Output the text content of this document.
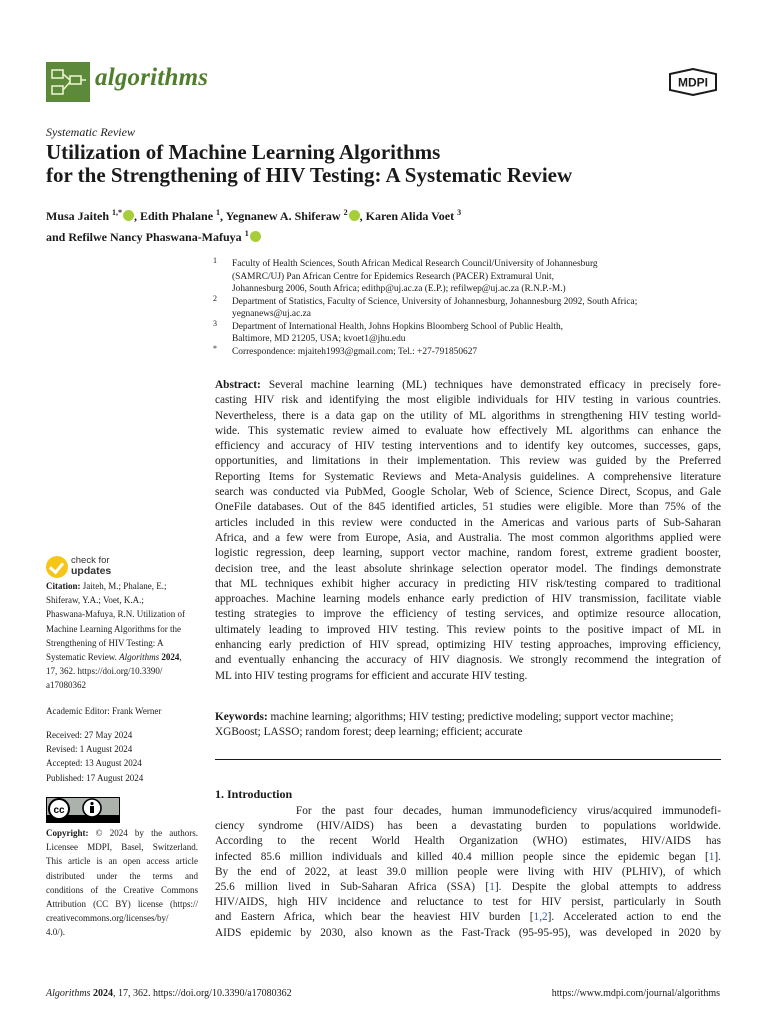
algorithms	MDPI
Systematic Review
Utilization of Machine Learning Algorithms
for the Strengthening of HIV Testing: A Systematic Review
Musa Jaiteh $^{1,*}$ , Edith Phalane $^1$, Yegnanew A. Shiferaw $^2$ , Karen Alida Voet $^3$
and Refilwe Nancy Phaswana-Mafuya $^1$
1 Faculty of Health Sciences, South African Medical Research Council/University of Johannesburg
(SAMRC/UJ) Pan African Centre for Epidemics Research (PACER) Extramural Unit,
Johannesburg 2006, South Africa; edithp@uj.ac.za (E.P.); refilwep@uj.ac.za (R.N.P.-M.)
2 Department of Statistics, Faculty of Science, University of Johannesburg, Johannesburg 2092, South Africa;
yegnanews@uj.ac.za
3 Department of International Health, Johns Hopkins Bloomberg School of Public Health,
Baltimore, MD 21205, USA; kvoet1@jhu.edu
* Correspondence: mjaiteh1993@gmail.com; Tel.: +27-791850627
Abstract: Several machine learning (ML) techniques have demonstrated efficacy in precisely fore-
casting HIV risk and identifying the most eligible individuals for HIV testing in various countries.
Nevertheless, there is a data gap on the utility of ML algorithms in strengthening HIV testing world-
wide. This systematic review aimed to evaluate how effectively ML algorithms can enhance the
efficiency and accuracy of HIV testing interventions and to identify key outcomes, successes, gaps,
opportunities, and limitations in their implementation. This review was guided by the Preferred
Reporting Items for Systematic Reviews and Meta-Analysis guidelines. A comprehensive literature
search was conducted via PubMed, Google Scholar, Web of Science, Science Direct, Scopus, and Gale
OneFile databases. Out of the 845 identified articles, 51 studies were eligible. More than 75% of the
articles included in this review were conducted in the Americas and various parts of Sub-Saharan
Africa, and a few were from Europe, Asia, and Australia. The most common algorithms applied were
logistic regression, deep learning, support vector machine, random forest, extreme gradient booster,
decision tree, and the least absolute shrinkage selection operator model. The findings demonstrate
that ML techniques exhibit higher accuracy in predicting HIV risk/testing compared to traditional
approaches. Machine learning models enhance early prediction of HIV transmission, facilitate viable
testing strategies to improve the efficiency of testing services, and optimize resource allocation,
ultimately leading to improved HIV testing. This review points to the positive impact of ML in
enhancing early prediction of HIV spread, optimizing HIV testing approaches, improving efficiency,
and eventually enhancing the accuracy of HIV diagnosis. We strongly recommend the integration of
ML into HIV testing programs for efficient and accurate HIV testing.
Keywords: machine learning; algorithms; HIV testing; predictive modeling; support vector machine;
XGBoost; LASSO; random forest; deep learning; efficient; accurate
1. Introduction
For the past four decades, human immunodeficiency virus/acquired immunodefi-
ciency syndrome (HIV/AIDS) has been a devastating burden to populations worldwide.
According to the recent World Health Organization (WHO) estimates, HIV/AIDS has
infected 85.6 million individuals and killed 40.4 million people since the epidemic began [1].
By the end of 2022, at least 39.0 million people were living with HIV (PLHIV), of which
25.6 million lived in Sub-Saharan Africa (SSA) [1]. Despite the global attempts to address
HIV/AIDS, high HIV incidence and reluctance to test for HIV persist, particularly in South
and Eastern Africa, which bear the heaviest HIV burden [1,2]. Accelerated action to end the
AIDS epidemic by 2030, also known as the Fast-Track (95-95-95), was developed in 2020 by
check for
updates
Citation: Jaiteh, M.; Phalane, E.;
Shiferaw, Y.A.; Voet, K.A.;
Phaswana-Mafuya, R.N. Utilization of
Machine Learning Algorithms for the
Strengthening of HIV Testing: A
Systematic Review. Algorithms 2024,
17, 362. https://doi.org/10.3390/
a17080362
Academic Editor: Frank Werner
Received: 27 May 2024
Revised: 1 August 2024
Accepted: 13 August 2024
Published: 17 August 2024
cc
Copyright: © 2024 by the authors.
Licensee MDPI, Basel, Switzerland.
This article is an open access article
distributed under the terms and
conditions of the Creative Commons
Attribution (CC BY) license (https://
creativecommons.org/licenses/by/
4.0/).
Algorithms 2024, 17, 362. https://doi.org/10.3390/a17080362	https://www.mdpi.com/journal/algorithms
